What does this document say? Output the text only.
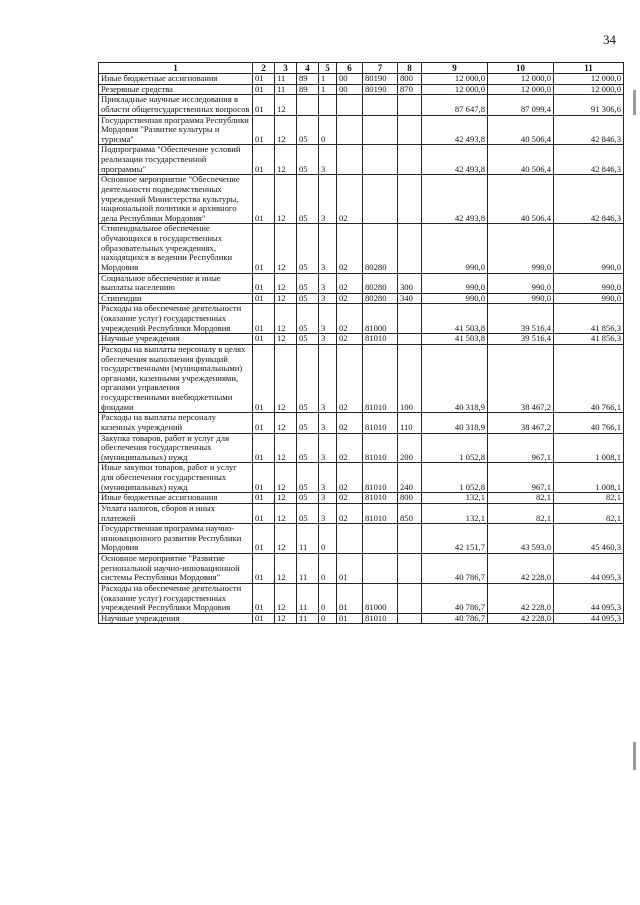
34
1	2	3	4	5	6	7	8	9	10	11
Иные бюджетные ассигнования	01	11	89	1	00	80190	800	12 000,0	12 000,0	12 000,0
Резервные средства	01	11	89	1	00	80190	870	12 000,0	12 000,0	12 000,0
Прикладные научные исследования в области общегосударственных вопросов	01	12						87 647,8	87 099,4	91 306,6
Государственная программа Республики Мордовия "Развитие культуры и туризма"	01	12	05	0				42 493,8	40 506,4	42 846,3
Подпрограмма "Обеспечение условий реализации государственной программы"	01	12	05	3				42 493,8	40 506,4	42 846,3
Основное мероприятие "Обеспечение деятельности подведомственных учреждений Министерства культуры, национальной политики и архивного дела Республики Мордовия"	01	12	05	3	02			42 493,8	40 506,4	42 846,3
Стипендиальное обеспечение обучающихся в государственных образовательных учреждениях, находящихся в ведении Республики Мордовия	01	12	05	3	02	80280		990,0	990,0	990,0
Социальное обеспечение и иные выплаты населению	01	12	05	3	02	80280	300	990,0	990,0	990,0
Стипендии	01	12	05	3	02	80280	340	990,0	990,0	990,0
Расходы на обеспечение деятельности (оказание услуг) государственных учреждений Республики Мордовия	01	12	05	3	02	81000		41 503,8	39 516,4	41 856,3
Научные учреждения	01	12	05	3	02	81010		41 503,8	39 516,4	41 856,3
Расходы на выплаты персоналу в целях обеспечения выполнения функций государственными (муниципальными) органами, казенными учреждениями, органами управления государственными внебюджетными фондами	01	12	05	3	02	81010	100	40 318,9	38 467,2	40 766,1
Расходы на выплаты персоналу казенных учреждений	01	12	05	3	02	81010	110	40 318,9	38 467,2	40 766,1
Закупка товаров, работ и услуг для обеспечения государственных (муниципальных) нужд	01	12	05	3	02	81010	200	1 052,8	967,1	1 008,1
Иные закупки товаров, работ и услуг для обеспечения государственных (муниципальных) нужд	01	12	05	3	02	81010	240	1 052,8	967,1	1 008,1
Иные бюджетные ассигнования	01	12	05	3	02	81010	800	132,1	82,1	82,1
Уплата налогов, сборов и иных платежей	01	12	05	3	02	81010	850	132,1	82,1	82,1
Государственная программа научно-инновационного развития Республики Мордовия	01	12	11	0				42 151,7	43 593,0	45 460,3
Основное мероприятие "Развитие региональной научно-инновационной системы Республики Мордовия"	01	12	11	0	01			40 786,7	42 228,0	44 095,3
Расходы на обеспечение деятельности (оказание услуг) государственных учреждений Республики Мордовия	01	12	11	0	01	81000		40 786,7	42 228,0	44 095,3
Научные учреждения	01	12	11	0	01	81010		40 786,7	42 228,0	44 095,3
